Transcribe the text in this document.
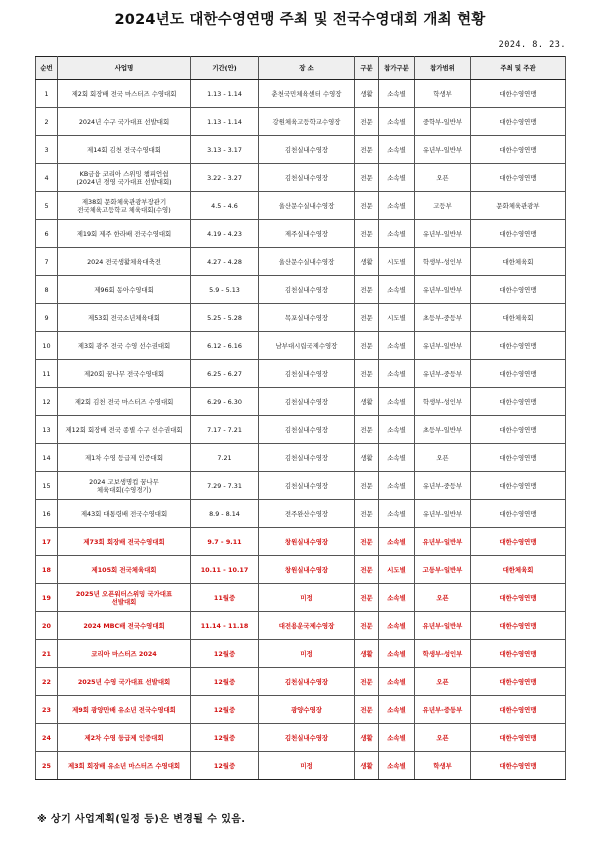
2024년도 대한수영연맹 주최 및 전국수영대회 개최 현황
2024. 8. 23.
순번	사업명	기간(안)	장 소	구분	참가구분	참가범위	주최 및 주관
1	제2회 회장배 전국 마스터즈 수영대회	1.13 - 1.14	춘천국민체육센터 수영장	생활	소속별	학생부	대한수영연맹
2	2024년 수구 국가대표 선발대회	1.13 - 1.14	강원체육고등학교수영장	전문	소속별	중학부-일반부	대한수영연맹
3	제14회 김천 전국수영대회	3.13 - 3.17	김천실내수영장	전문	소속별	유년부-일반부	대한수영연맹
4	KB금융 코리아 스위밍 챔피언쉽
(2024년 경영 국가대표 선발대회)	3.22 - 3.27	김천실내수영장	전문	소속별	오픈	대한수영연맹
5	제38회 문화체육관광부장관기
전국체육고등학교 체육대회(수영)	4.5 - 4.6	울산문수실내수영장	전문	소속별	고등부	문화체육관광부
6	제19회 제주 한라배 전국수영대회	4.19 - 4.23	제주실내수영장	전문	소속별	유년부-일반부	대한수영연맹
7	2024 전국생활체육대축전	4.27 - 4.28	울산문수실내수영장	생활	시도별	학생부-성인부	대한체육회
8	제96회 동아수영대회	5.9 - 5.13	김천실내수영장	전문	소속별	유년부-일반부	대한수영연맹
9	제53회 전국소년체육대회	5.25 - 5.28	목포실내수영장	전문	시도별	초등부-중등부	대한체육회
10	제3회 광주 전국 수영 선수권대회	6.12 - 6.16	남부대시립국제수영장	전문	소속별	유년부-일반부	대한수영연맹
11	제20회 꿈나무 전국수영대회	6.25 - 6.27	김천실내수영장	전문	소속별	유년부-중등부	대한수영연맹
12	제2회 김천 전국 마스터즈 수영대회	6.29 - 6.30	김천실내수영장	생활	소속별	학생부-성인부	대한수영연맹
13	제12회 회장배 전국 종별 수구 선수권대회	7.17 - 7.21	김천실내수영장	전문	소속별	초등부-일반부	대한수영연맹
14	제1차 수영 등급제 인증대회	7.21	김천실내수영장	생활	소속별	오픈	대한수영연맹
15	2024 고보생명컵 꿈나무
체육대회(수영경기)	7.29 - 7.31	김천실내수영장	전문	소속별	유년부-중등부	대한수영연맹
16	제43회 대통령배 전국수영대회	8.9 - 8.14	전주완산수영장	전문	소속별	유년부-일반부	대한수영연맹
17	제73회 회장배 전국수영대회	9.7 - 9.11	창원실내수영장	전문	소속별	유년부-일반부	대한수영연맹
18	제105회 전국체육대회	10.11 - 10.17	창원실내수영장	전문	시도별	고등부-일반부	대한체육회
19	2025년 오픈워터스위밍 국가대표
선발대회	11월중	미정	전문	소속별	오픈	대한수영연맹
20	2024 MBC배 전국수영대회	11.14 - 11.18	대전용운국제수영장	전문	소속별	유년부-일반부	대한수영연맹
21	코리아 마스터즈 2024	12월중	미정	생활	소속별	학생부-성인부	대한수영연맹
22	2025년 수영 국가대표 선발대회	12월중	김천실내수영장	전문	소속별	오픈	대한수영연맹
23	제9회 광양만배 유소년 전국수영대회	12월중	광양수영장	전문	소속별	유년부-중등부	대한수영연맹
24	제2차 수영 등급제 인증대회	12월중	김천실내수영장	생활	소속별	오픈	대한수영연맹
25	제3회 회장배 유소년 마스터즈 수영대회	12월중	미정	생활	소속별	학생부	대한수영연맹
※ 상기 사업계획(일정 등)은 변경될 수 있음.
